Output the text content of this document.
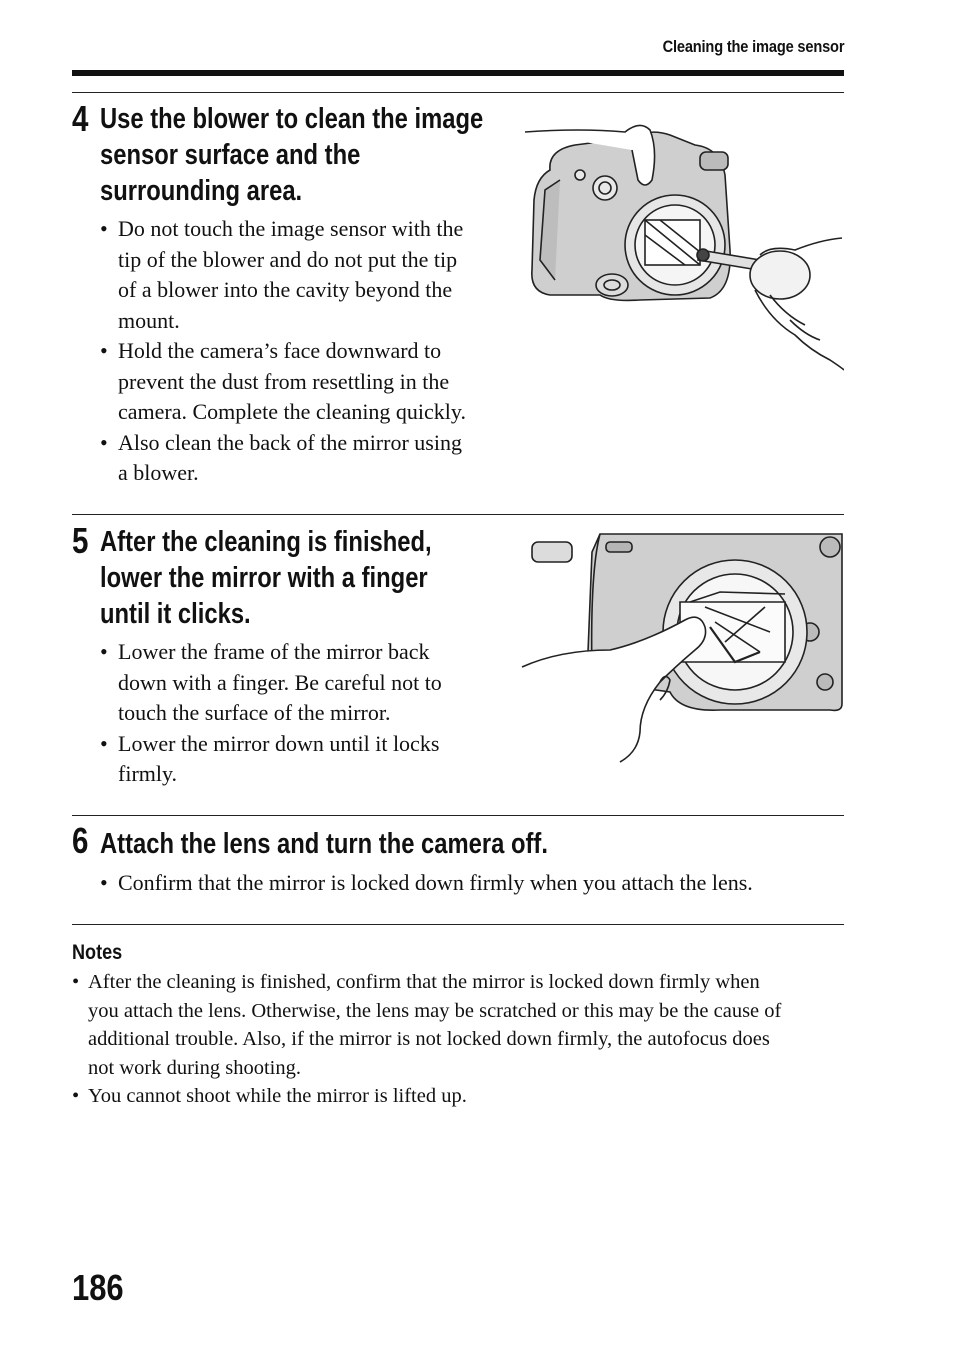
Cleaning the image sensor
4 Use the blower to clean the image
sensor surface and the
surrounding area.
• Do not touch the image sensor with the
tip of the blower and do not put the tip
of a blower into the cavity beyond the
mount.
• Hold the camera’s face downward to
prevent the dust from resettling in the
camera. Complete the cleaning quickly.
• Also clean the back of the mirror using
a blower.
5 After the cleaning is finished,
lower the mirror with a finger
until it clicks.
• Lower the frame of the mirror back
down with a finger. Be careful not to
touch the surface of the mirror.
• Lower the mirror down until it locks
firmly.
6 Attach the lens and turn the camera off.
• Confirm that the mirror is locked down firmly when you attach the lens.
Notes
• After the cleaning is finished, confirm that the mirror is locked down firmly when
you attach the lens. Otherwise, the lens may be scratched or this may be the cause of
additional trouble. Also, if the mirror is not locked down firmly, the autofocus does
not work during shooting.
• You cannot shoot while the mirror is lifted up.
186
